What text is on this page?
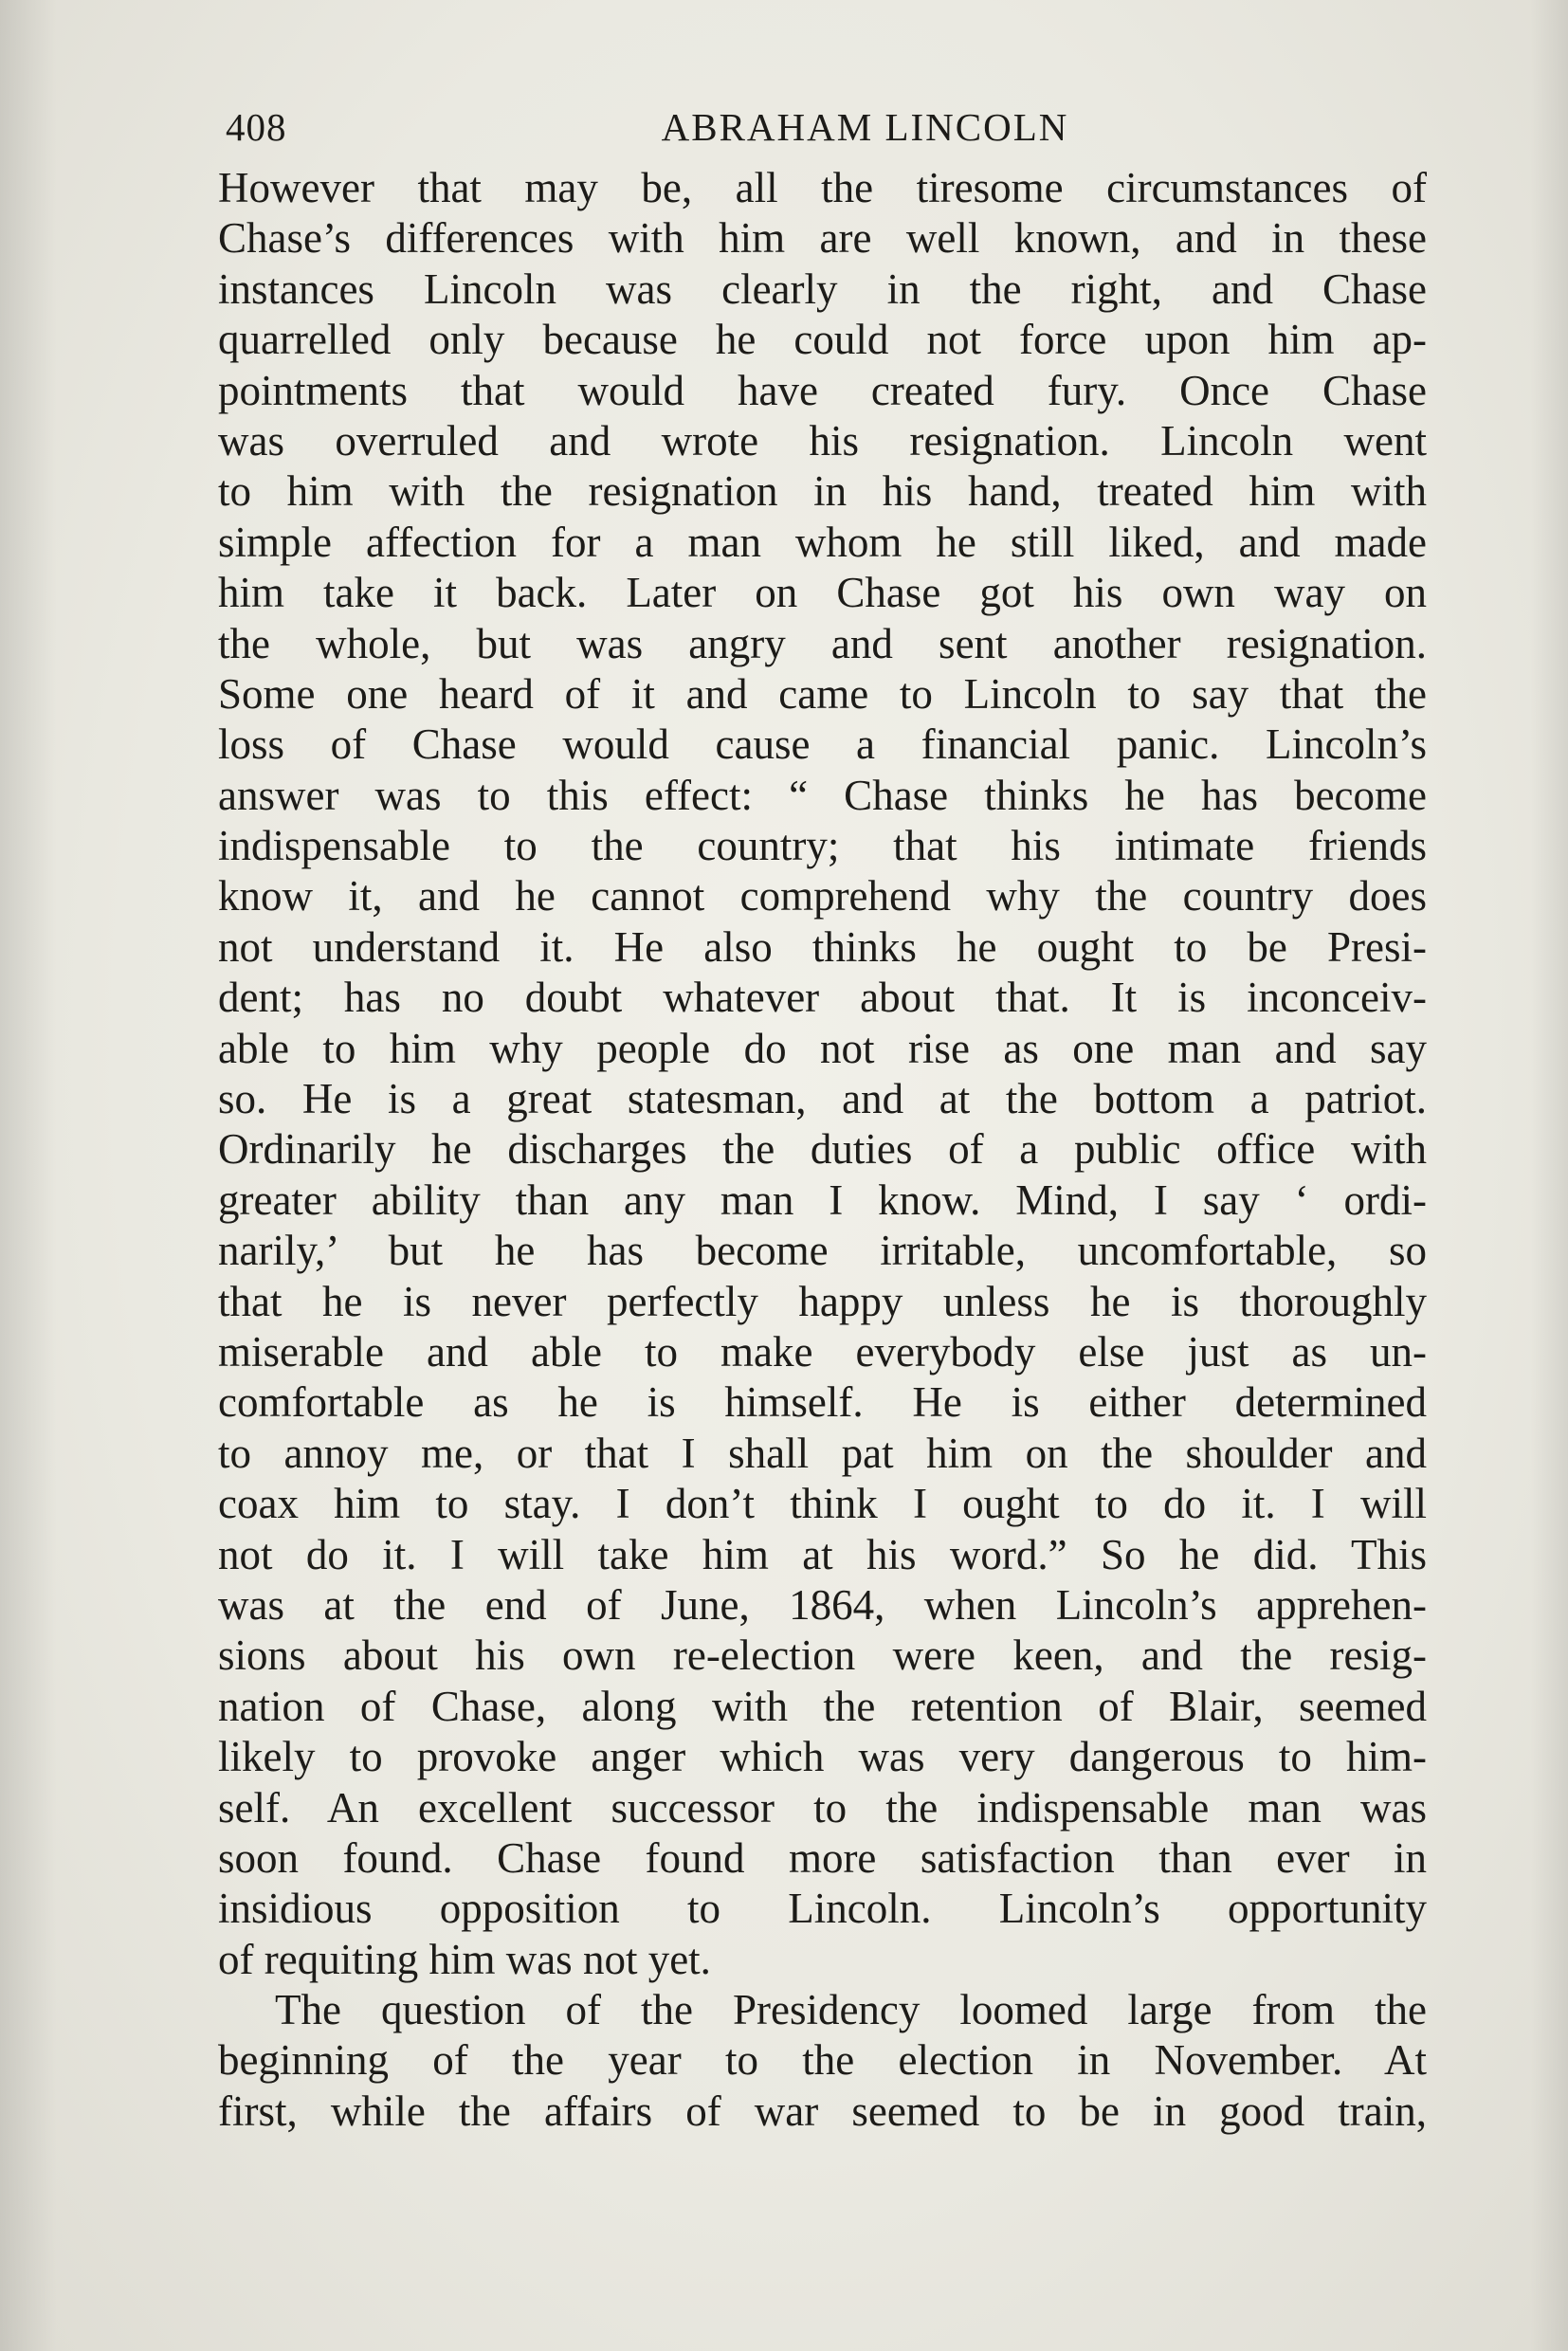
408	ABRAHAM LINCOLN
However that may be, all the tiresome circumstances of
Chase’s differences with him are well known, and in these
instances Lincoln was clearly in the right, and Chase
quarrelled only because he could not force upon him ap-
pointments that would have created fury. Once Chase
was overruled and wrote his resignation. Lincoln went
to him with the resignation in his hand, treated him with
simple affection for a man whom he still liked, and made
him take it back. Later on Chase got his own way on
the whole, but was angry and sent another resignation.
Some one heard of it and came to Lincoln to say that the
loss of Chase would cause a financial panic. Lincoln’s
answer was to this effect: “ Chase thinks he has become
indispensable to the country; that his intimate friends
know it, and he cannot comprehend why the country does
not understand it. He also thinks he ought to be Presi-
dent; has no doubt whatever about that. It is inconceiv-
able to him why people do not rise as one man and say
so. He is a great statesman, and at the bottom a patriot.
Ordinarily he discharges the duties of a public office with
greater ability than any man I know. Mind, I say ‘ ordi-
narily,’ but he has become irritable, uncomfortable, so
that he is never perfectly happy unless he is thoroughly
miserable and able to make everybody else just as un-
comfortable as he is himself. He is either determined
to annoy me, or that I shall pat him on the shoulder and
coax him to stay. I don’t think I ought to do it. I will
not do it. I will take him at his word.” So he did. This
was at the end of June, 1864, when Lincoln’s apprehen-
sions about his own re-election were keen, and the resig-
nation of Chase, along with the retention of Blair, seemed
likely to provoke anger which was very dangerous to him-
self. An excellent successor to the indispensable man was
soon found. Chase found more satisfaction than ever in
insidious opposition to Lincoln. Lincoln’s opportunity
of requiting him was not yet.
The question of the Presidency loomed large from the
beginning of the year to the election in November. At
first, while the affairs of war seemed to be in good train,
